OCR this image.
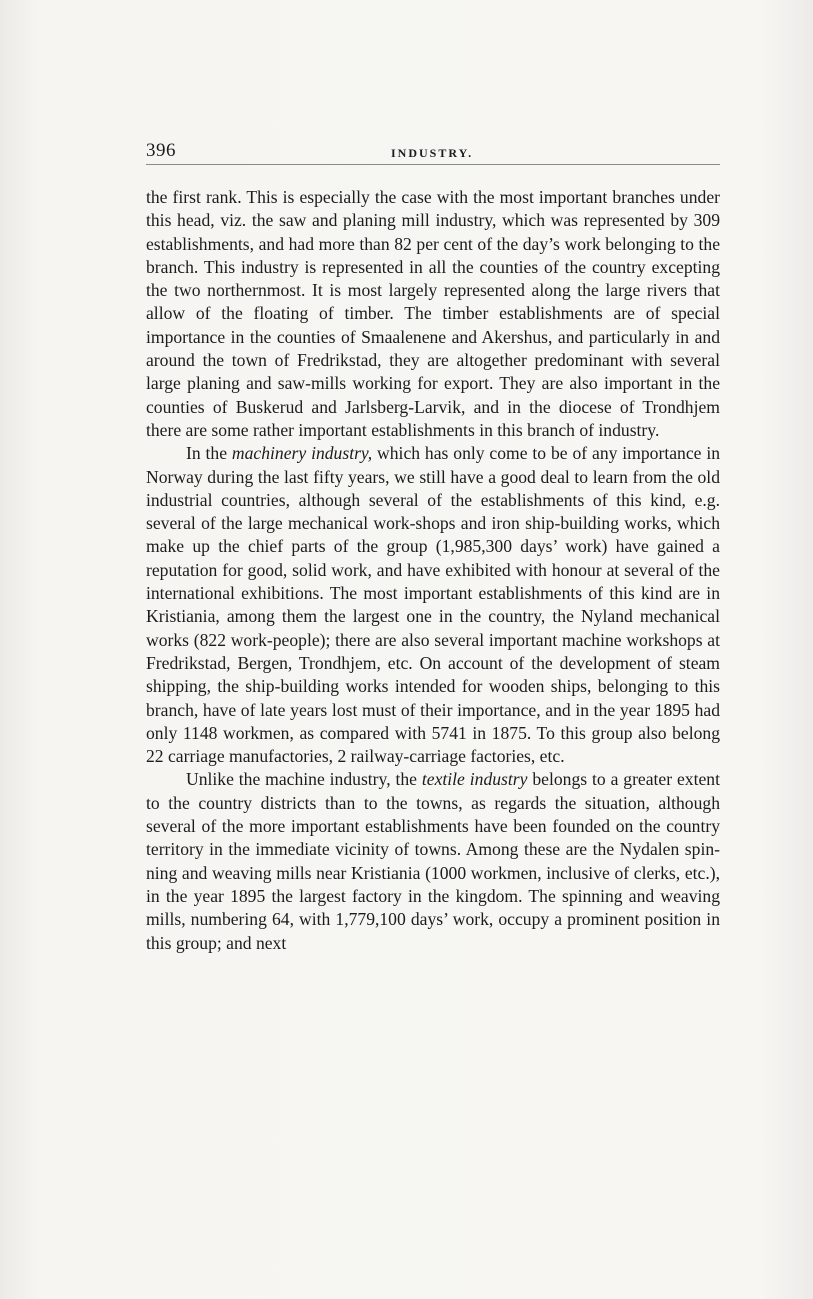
396	INDUSTRY.

the first rank. This is especially the case with the most important branches under this head, viz. the saw and planing mill industry, which was represented by 309 establishments, and had more than 82 per cent of the day’s work belonging to the branch. This industry is represented in all the counties of the country excepting the two northernmost. It is most largely represented along the large rivers that allow of the floating of timber. The timber establishments are of special importance in the counties of Smaalenene and Akershus, and particularly in and around the town of Fredrikstad, they are altogether predominant with several large planing and saw-mills working for export. They are also important in the counties of Buskerud and Jarlsberg-Larvik, and in the diocese of Trondhjem there are some rather important establishments in this branch of industry.

In the machinery industry, which has only come to be of any importance in Norway during the last fifty years, we still have a good deal to learn from the old industrial countries, although several of the establishments of this kind, e.g. several of the large mechanical work-shops and iron ship-building works, which make up the chief parts of the group (1,985,300 days’ work) have gained a reputation for good, solid work, and have exhibited with honour at several of the international exhibitions. The most important establishments of this kind are in Kristiania, among them the largest one in the country, the Nyland mechanical works (822 work-people); there are also several important machine workshops at Fredrikstad, Bergen, Trondhjem, etc. On account of the development of steam shipping, the ship-building works intended for wooden ships, belonging to this branch, have of late years lost must of their importance, and in the year 1895 had only 1148 workmen, as compared with 5741 in 1875. To this group also belong 22 carriage manufactories, 2 railway-carriage factories, etc.

Unlike the machine industry, the textile industry belongs to a greater extent to the country districts than to the towns, as regards the situation, although several of the more important establishments have been founded on the country territory in the immediate vicinity of towns. Among these are the Nydalen spinning and weaving mills near Kristiania (1000 workmen, inclusive of clerks, etc.), in the year 1895 the largest factory in the kingdom. The spinning and weaving mills, numbering 64, with 1,779,100 days’ work, occupy a prominent position in this group; and next
